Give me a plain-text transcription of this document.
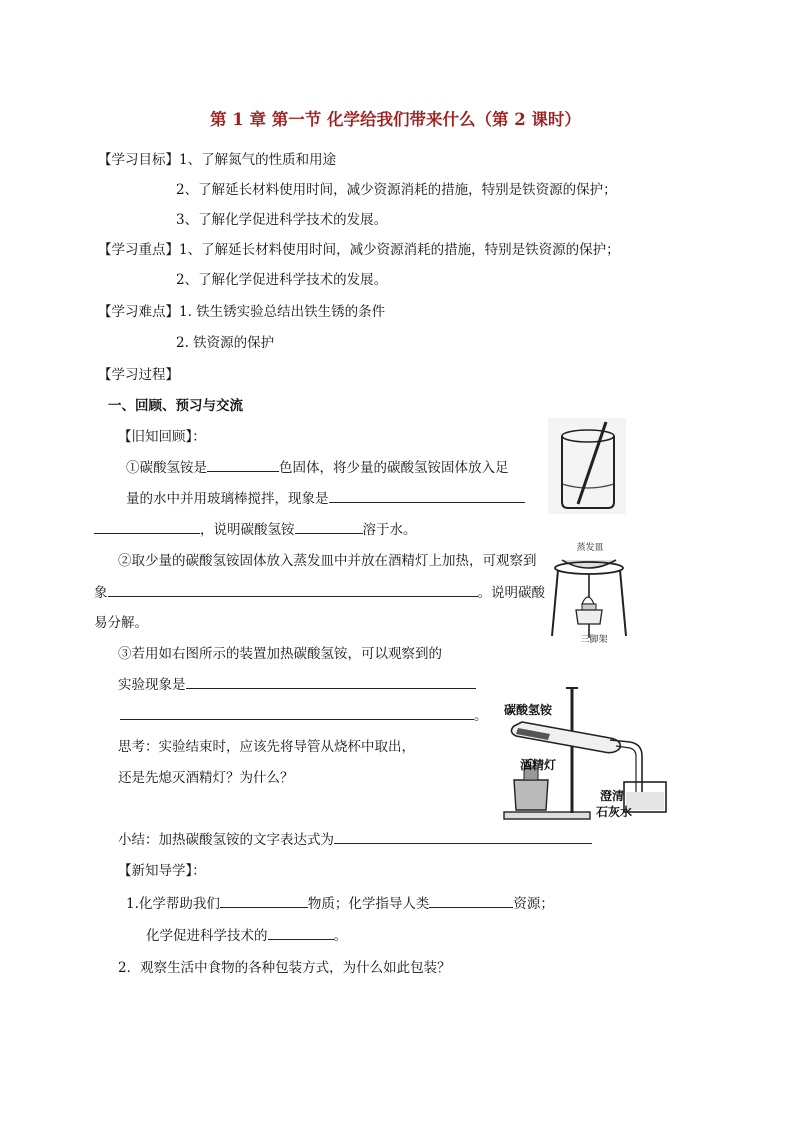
第 1 章 第一节 化学给我们带来什么（第 2 课时）
【学习目标】1、了解氮气的性质和用途
2、了解延长材料使用时间，减少资源消耗的措施，特别是铁资源的保护；
3、了解化学促进科学技术的发展。
【学习重点】1、了解延长材料使用时间，减少资源消耗的措施，特别是铁资源的保护；
2、了解化学促进科学技术的发展。
【学习难点】1. 铁生锈实验总结出铁生锈的条件
2. 铁资源的保护
【学习过程】
一、回顾、预习与交流
【旧知回顾】：
①碳酸氢铵是	色固体，将少量的碳酸氢铵固体放入足
量的水中并用玻璃棒搅拌，现象是
，说明碳酸氢铵	溶于水。
②取少量的碳酸氢铵固体放入蒸发皿中并放在酒精灯上加热，可观察到
象	。说明碳酸
易分解。
③若用如右图所示的装置加热碳酸氢铵，可以观察到的
实验现象是
。
思考：实验结束时，应该先将导管从烧杯中取出，
还是先熄灭酒精灯？为什么？
小结：加热碳酸氢铵的文字表达式为
【新知导学】：
1.化学帮助我们	物质；化学指导人类	资源；
化学促进科学技术的	。
2．观察生活中食物的各种包装方式，为什么如此包装？
蒸发皿
三脚架
碳酸氢铵
酒精灯
澄清
石灰水
